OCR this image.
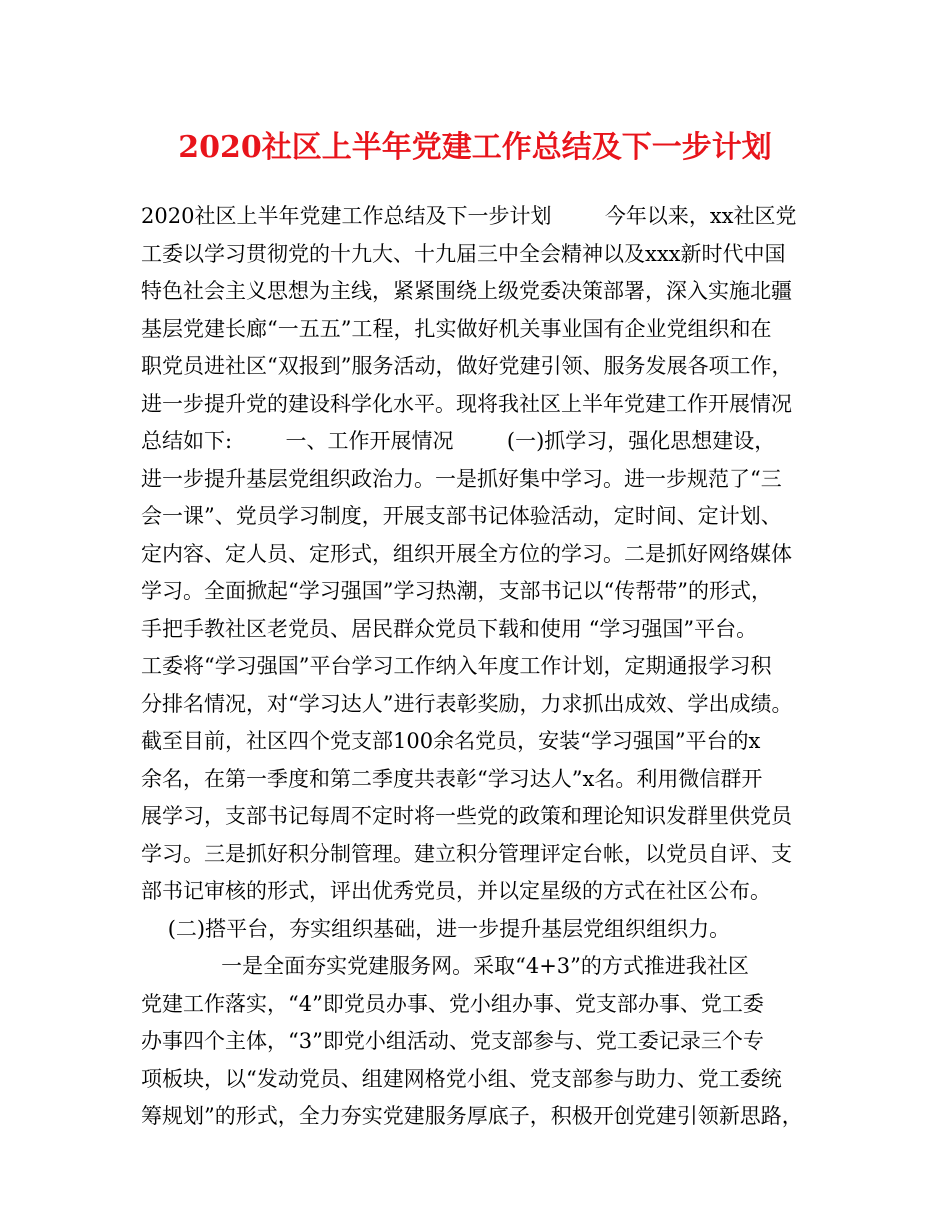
2020社区上半年党建工作总结及下一步计划
2020社区上半年党建工作总结及下一步计划        今年以来，xx社区党
工委以学习贯彻党的十九大、十九届三中全会精神以及xxx新时代中国
特色社会主义思想为主线，紧紧围绕上级党委决策部署，深入实施北疆
基层党建长廊“一五五”工程，扎实做好机关事业国有企业党组织和在
职党员进社区“双报到”服务活动，做好党建引领、服务发展各项工作，
进一步提升党的建设科学化水平。现将我社区上半年党建工作开展情况
总结如下:        一、工作开展情况        (一)抓学习，强化思想建设，
进一步提升基层党组织政治力。一是抓好集中学习。进一步规范了“三
会一课”、党员学习制度，开展支部书记体验活动，定时间、定计划、
定内容、定人员、定形式，组织开展全方位的学习。二是抓好网络媒体
学习。全面掀起“学习强国”学习热潮，支部书记以“传帮带”的形式，
手把手教社区老党员、居民群众党员下载和使用 “学习强国”平台。
工委将“学习强国”平台学习工作纳入年度工作计划，定期通报学习积
分排名情况，对“学习达人”进行表彰奖励，力求抓出成效、学出成绩。
截至目前，社区四个党支部100余名党员，安装“学习强国”平台的x
余名，在第一季度和第二季度共表彰“学习达人”x名。利用微信群开
展学习，支部书记每周不定时将一些党的政策和理论知识发群里供党员
学习。三是抓好积分制管理。建立积分管理评定台帐，以党员自评、支
部书记审核的形式，评出优秀党员，并以定星级的方式在社区公布。
(二)搭平台，夯实组织基础，进一步提升基层党组织组织力。
一是全面夯实党建服务网。采取“4+3”的方式推进我社区
党建工作落实，“4”即党员办事、党小组办事、党支部办事、党工委
办事四个主体，“3”即党小组活动、党支部参与、党工委记录三个专
项板块，以“发动党员、组建网格党小组、党支部参与助力、党工委统
筹规划”的形式，全力夯实党建服务厚底子，积极开创党建引领新思路，
